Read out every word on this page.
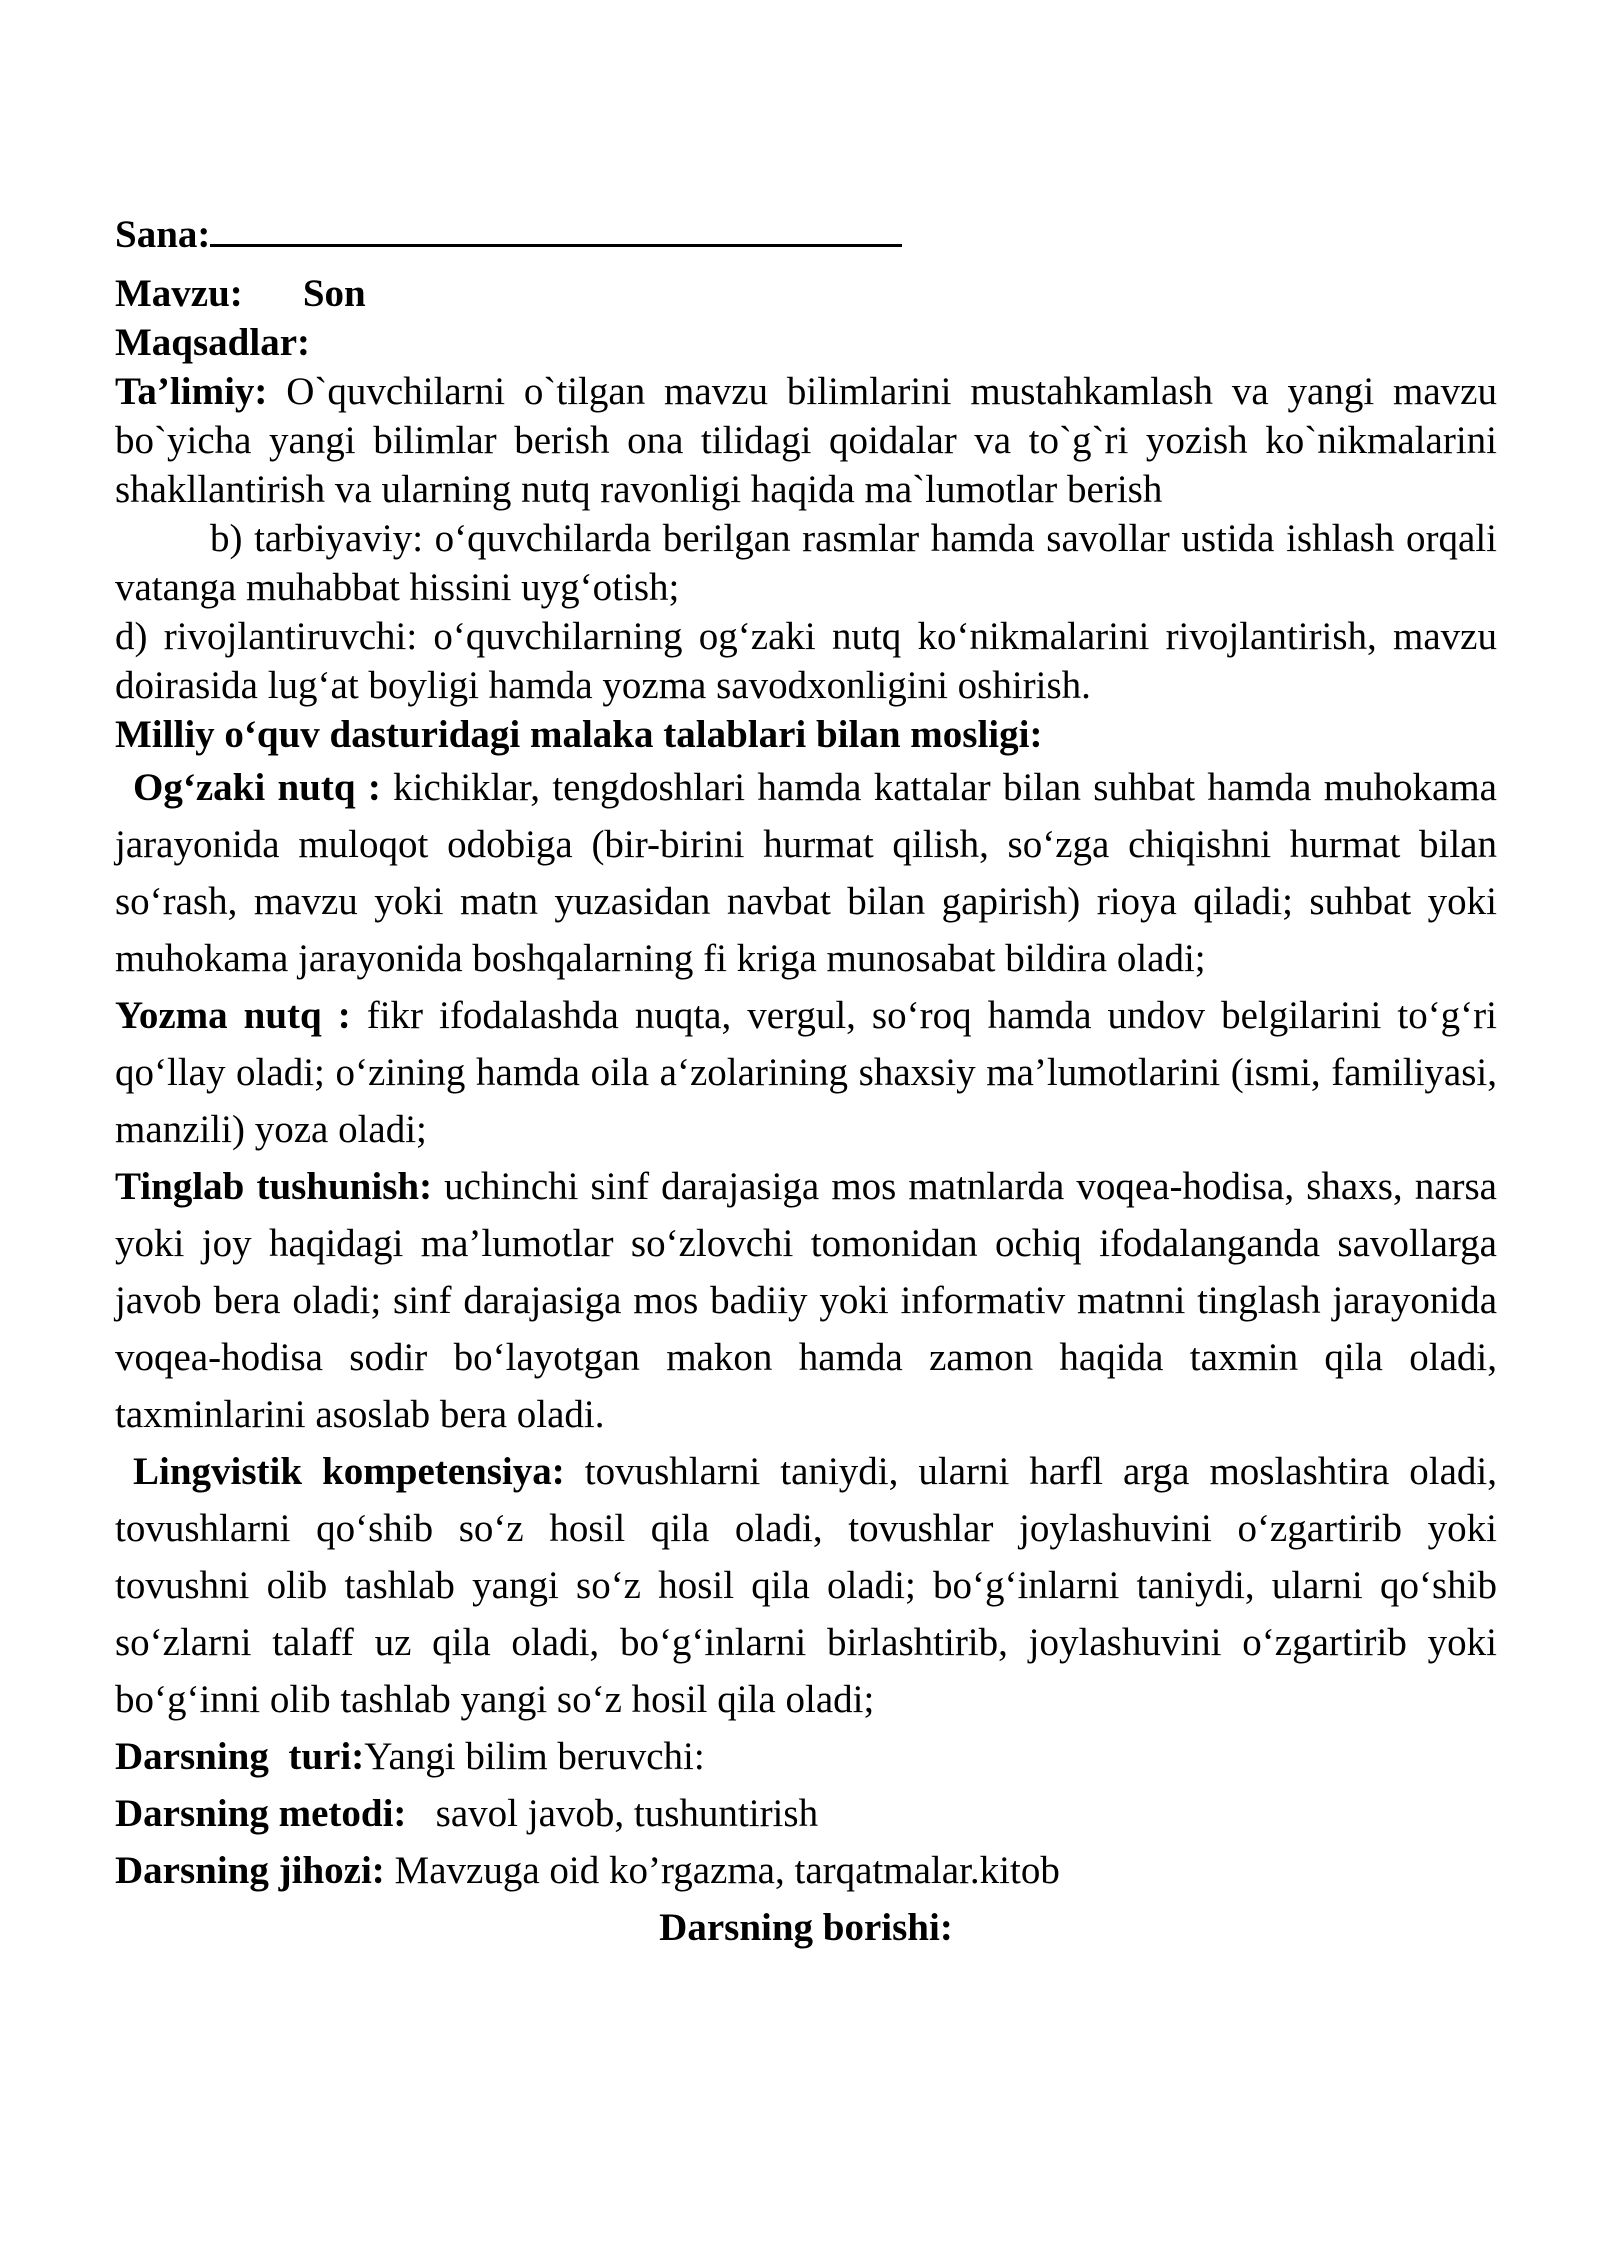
Sana:

Mavzu: Son

Maqsadlar:

Ta’limiy: O`quvchilarni o`tilgan mavzu bilimlarini mustahkamlash va yangi mavzu bo`yicha yangi bilimlar berish ona tilidagi qoidalar va to`g`ri yozish ko`nikmalarini shakllantirish va ularning nutq ravonligi haqida ma`lumotlar berish

b) tarbiyaviy: o‘quvchilarda berilgan rasmlar hamda savollar ustida ishlash orqali vatanga muhabbat hissini uyg‘otish;

d) rivojlantiruvchi: o‘quvchilarning og‘zaki nutq ko‘nikmalarini rivojlantirish, mavzu doirasida lug‘at boyligi hamda yozma savodxonligini oshirish.

Milliy o‘quv dasturidagi malaka talablari bilan mosligi:

Og‘zaki nutq : kichiklar, tengdoshlari hamda kattalar bilan suhbat hamda muhokama jarayonida muloqot odobiga (bir-birini hurmat qilish, so‘zga chiqishni hurmat bilan so‘rash, mavzu yoki matn yuzasidan navbat bilan gapirish) rioya qiladi; suhbat yoki muhokama jarayonida boshqalarning fi kriga munosabat bildira oladi;

Yozma nutq : fikr ifodalashda nuqta, vergul, so‘roq hamda undov belgilarini to‘g‘ri qo‘llay oladi; o‘zining hamda oila a‘zolarining shaxsiy ma’lumotlarini (ismi, familiyasi, manzili) yoza oladi;

Tinglab tushunish: uchinchi sinf darajasiga mos matnlarda voqea-hodisa, shaxs, narsa yoki joy haqidagi ma’lumotlar so‘zlovchi tomonidan ochiq ifodalanganda savollarga javob bera oladi; sinf darajasiga mos badiiy yoki informativ matnni tinglash jarayonida voqea-hodisa sodir bo‘layotgan makon hamda zamon haqida taxmin qila oladi, taxminlarini asoslab bera oladi.

Lingvistik kompetensiya: tovushlarni taniydi, ularni harfl arga moslashtira oladi, tovushlarni qo‘shib so‘z hosil qila oladi, tovushlar joylashuvini o‘zgartirib yoki tovushni olib tashlab yangi so‘z hosil qila oladi; bo‘g‘inlarni taniydi, ularni qo‘shib so‘zlarni talaff uz qila oladi, bo‘g‘inlarni birlashtirib, joylashuvini o‘zgartirib yoki bo‘g‘inni olib tashlab yangi so‘z hosil qila oladi;

Darsning  turi:Yangi bilim beruvchi:

Darsning metodi:   savol javob, tushuntirish

Darsning jihozi: Mavzuga oid ko’rgazma, tarqatmalar.kitob

Darsning borishi:
